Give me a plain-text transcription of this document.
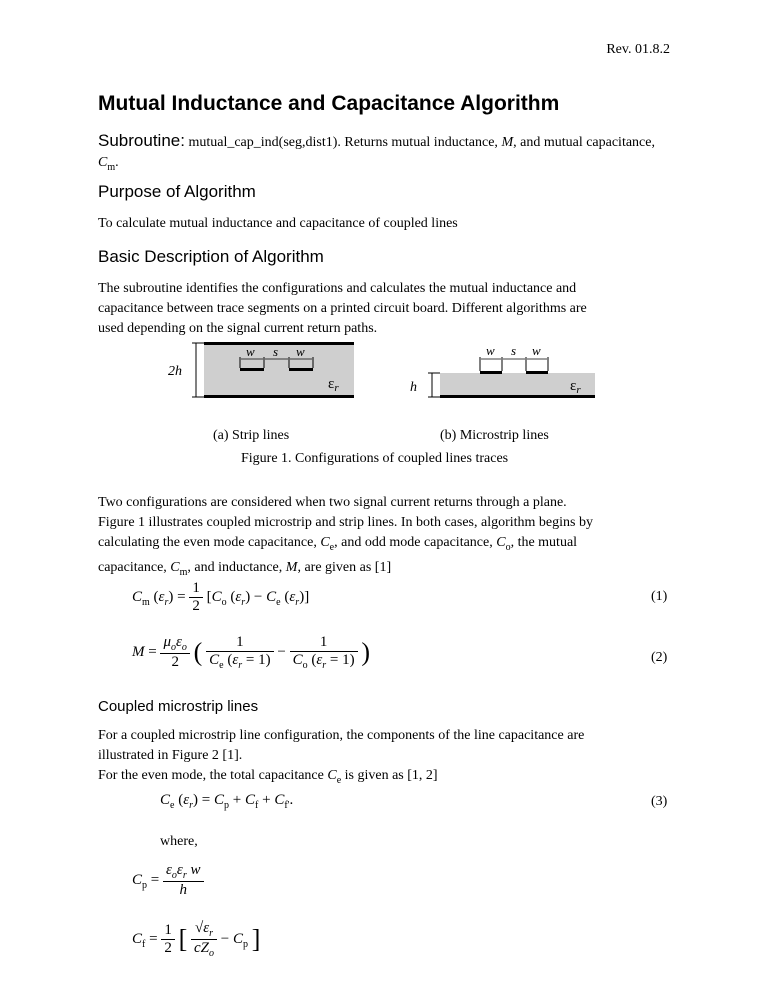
Rev. 01.8.2
Mutual Inductance and Capacitance Algorithm
Subroutine: mutual_cap_ind(seg,dist1). Returns mutual inductance, M, and mutual capacitance, $C_m$.
Purpose of Algorithm

To calculate mutual inductance and capacitance of coupled lines

Basic Description of Algorithm
The subroutine identifies the configurations and calculates the mutual inductance and
capacitance between trace segments on a printed circuit board. Different algorithms are
used depending on the signal current return paths.
w s w
2h
$\varepsilon_r$
w s w
h	$\varepsilon_r$
(a) Strip lines	(b) Microstrip lines
Figure 1. Configurations of coupled lines traces
Two configurations are considered when two signal current returns through a plane.
Figure 1 illustrates coupled microstrip and strip lines. In both cases, algorithm begins by
calculating the even mode capacitance, $C_e$, and odd mode capacitance, $C_o$, the mutual
capacitance, $C_m$, and inductance, M, are given as [1]
$C_m$ $(\varepsilon_r) = \frac{1}{2} [C_o$ $(\varepsilon_r) - C_e$ $(\varepsilon_r)$]	(1)
$M = \frac{\mu_o\varepsilon_o}{2}$ ( $\frac{1}{C_e (\varepsilon_r = 1)} - \frac{1}{C_o (\varepsilon_r = 1)}$ )	(2)
Coupled microstrip lines
For a coupled microstrip line configuration, the components of the line capacitance are
illustrated in Figure 2 [1].
For the even mode, the total capacitance $C_e$ is given as [1, 2]
$C_e$ $(\varepsilon_r) = C_p + C_f + C_{f'}$.	(3)
where,
$C_p = \frac{\varepsilon_o\varepsilon_r w}{h}$
$C_f = \frac{1}{2}$ [ $\frac{√\varepsilon_r}{cZ_o} - C_p$ ]
